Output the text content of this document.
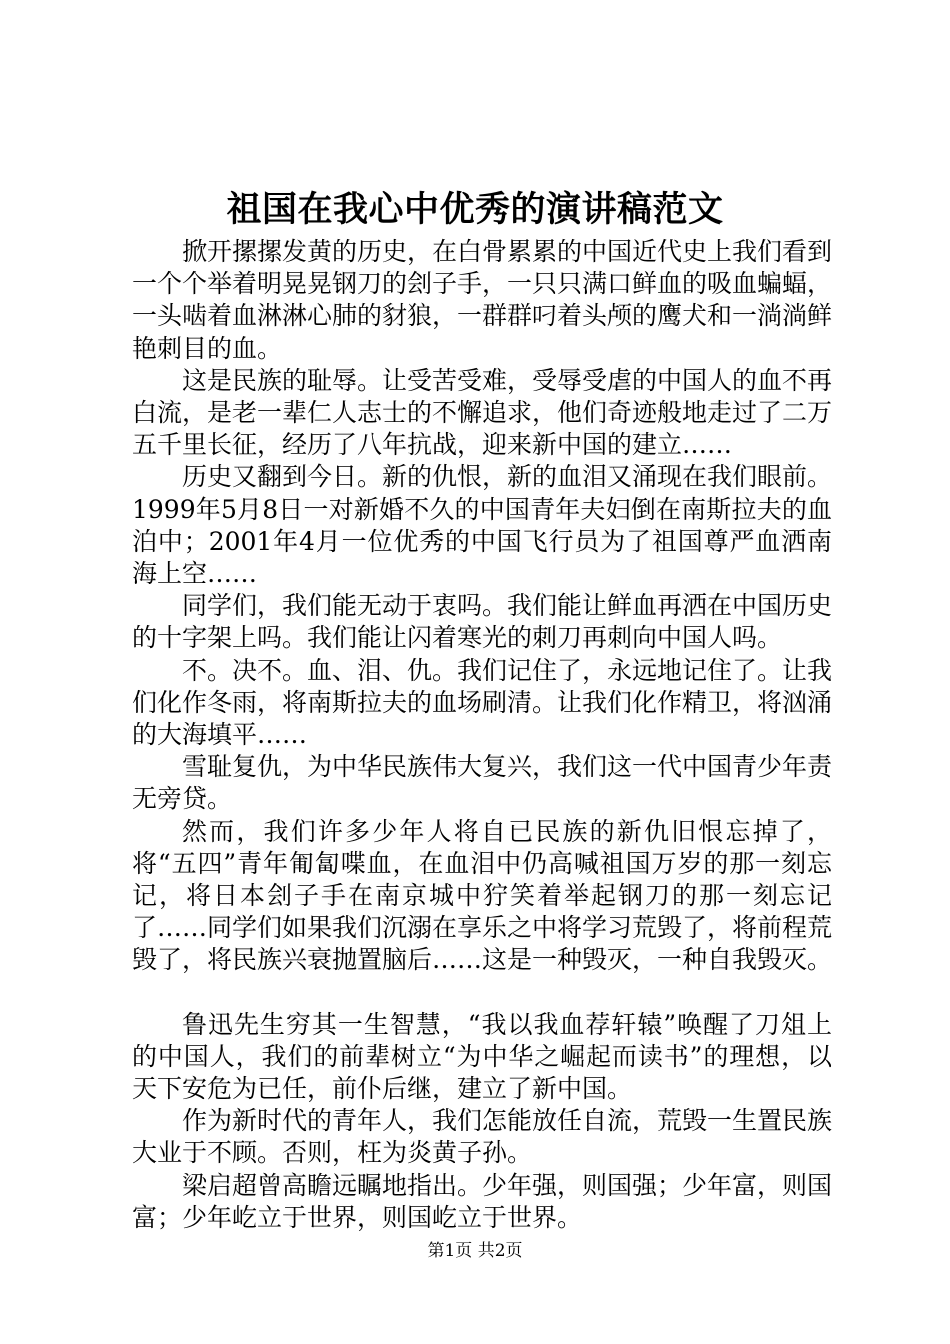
祖国在我心中优秀的演讲稿范文

掀开摞摞发黄的历史，在白骨累累的中国近代史上我们看到一个个举着明晃晃钢刀的刽子手，一只只满口鲜血的吸血蝙蝠，一头啮着血淋淋心肺的豺狼，一群群叼着头颅的鹰犬和一淌淌鲜艳刺目的血。

这是民族的耻辱。让受苦受难，受辱受虐的中国人的血不再白流，是老一辈仁人志士的不懈追求，他们奇迹般地走过了二万五千里长征，经历了八年抗战，迎来新中国的建立……

历史又翻到今日。新的仇恨，新的血泪又涌现在我们眼前。1999年5月8日一对新婚不久的中国青年夫妇倒在南斯拉夫的血泊中；2001年4月一位优秀的中国飞行员为了祖国尊严血洒南海上空……

同学们，我们能无动于衷吗。我们能让鲜血再洒在中国历史的十字架上吗。我们能让闪着寒光的刺刀再刺向中国人吗。

不。决不。血、泪、仇。我们记住了，永远地记住了。让我们化作冬雨，将南斯拉夫的血场刷清。让我们化作精卫，将汹涌的大海填平……

雪耻复仇，为中华民族伟大复兴，我们这一代中国青少年责无旁贷。

然而，我们许多少年人将自已民族的新仇旧恨忘掉了，将“五四”青年匍匐喋血，在血泪中仍高喊祖国万岁的那一刻忘记，将日本刽子手在南京城中狞笑着举起钢刀的那一刻忘记了……同学们如果我们沉溺在享乐之中将学习荒毁了，将前程荒毁了，将民族兴衰抛置脑后……这是一种毁灭，一种自我毁灭。

鲁迅先生穷其一生智慧，“我以我血荐轩辕”唤醒了刀俎上的中国人，我们的前辈树立“为中华之崛起而读书”的理想，以天下安危为已任，前仆后继，建立了新中国。

作为新时代的青年人，我们怎能放任自流，荒毁一生置民族大业于不顾。否则，枉为炎黄子孙。

梁启超曾高瞻远瞩地指出。少年强，则国强；少年富，则国富；少年屹立于世界，则国屹立于世界。

第1页 共2页
